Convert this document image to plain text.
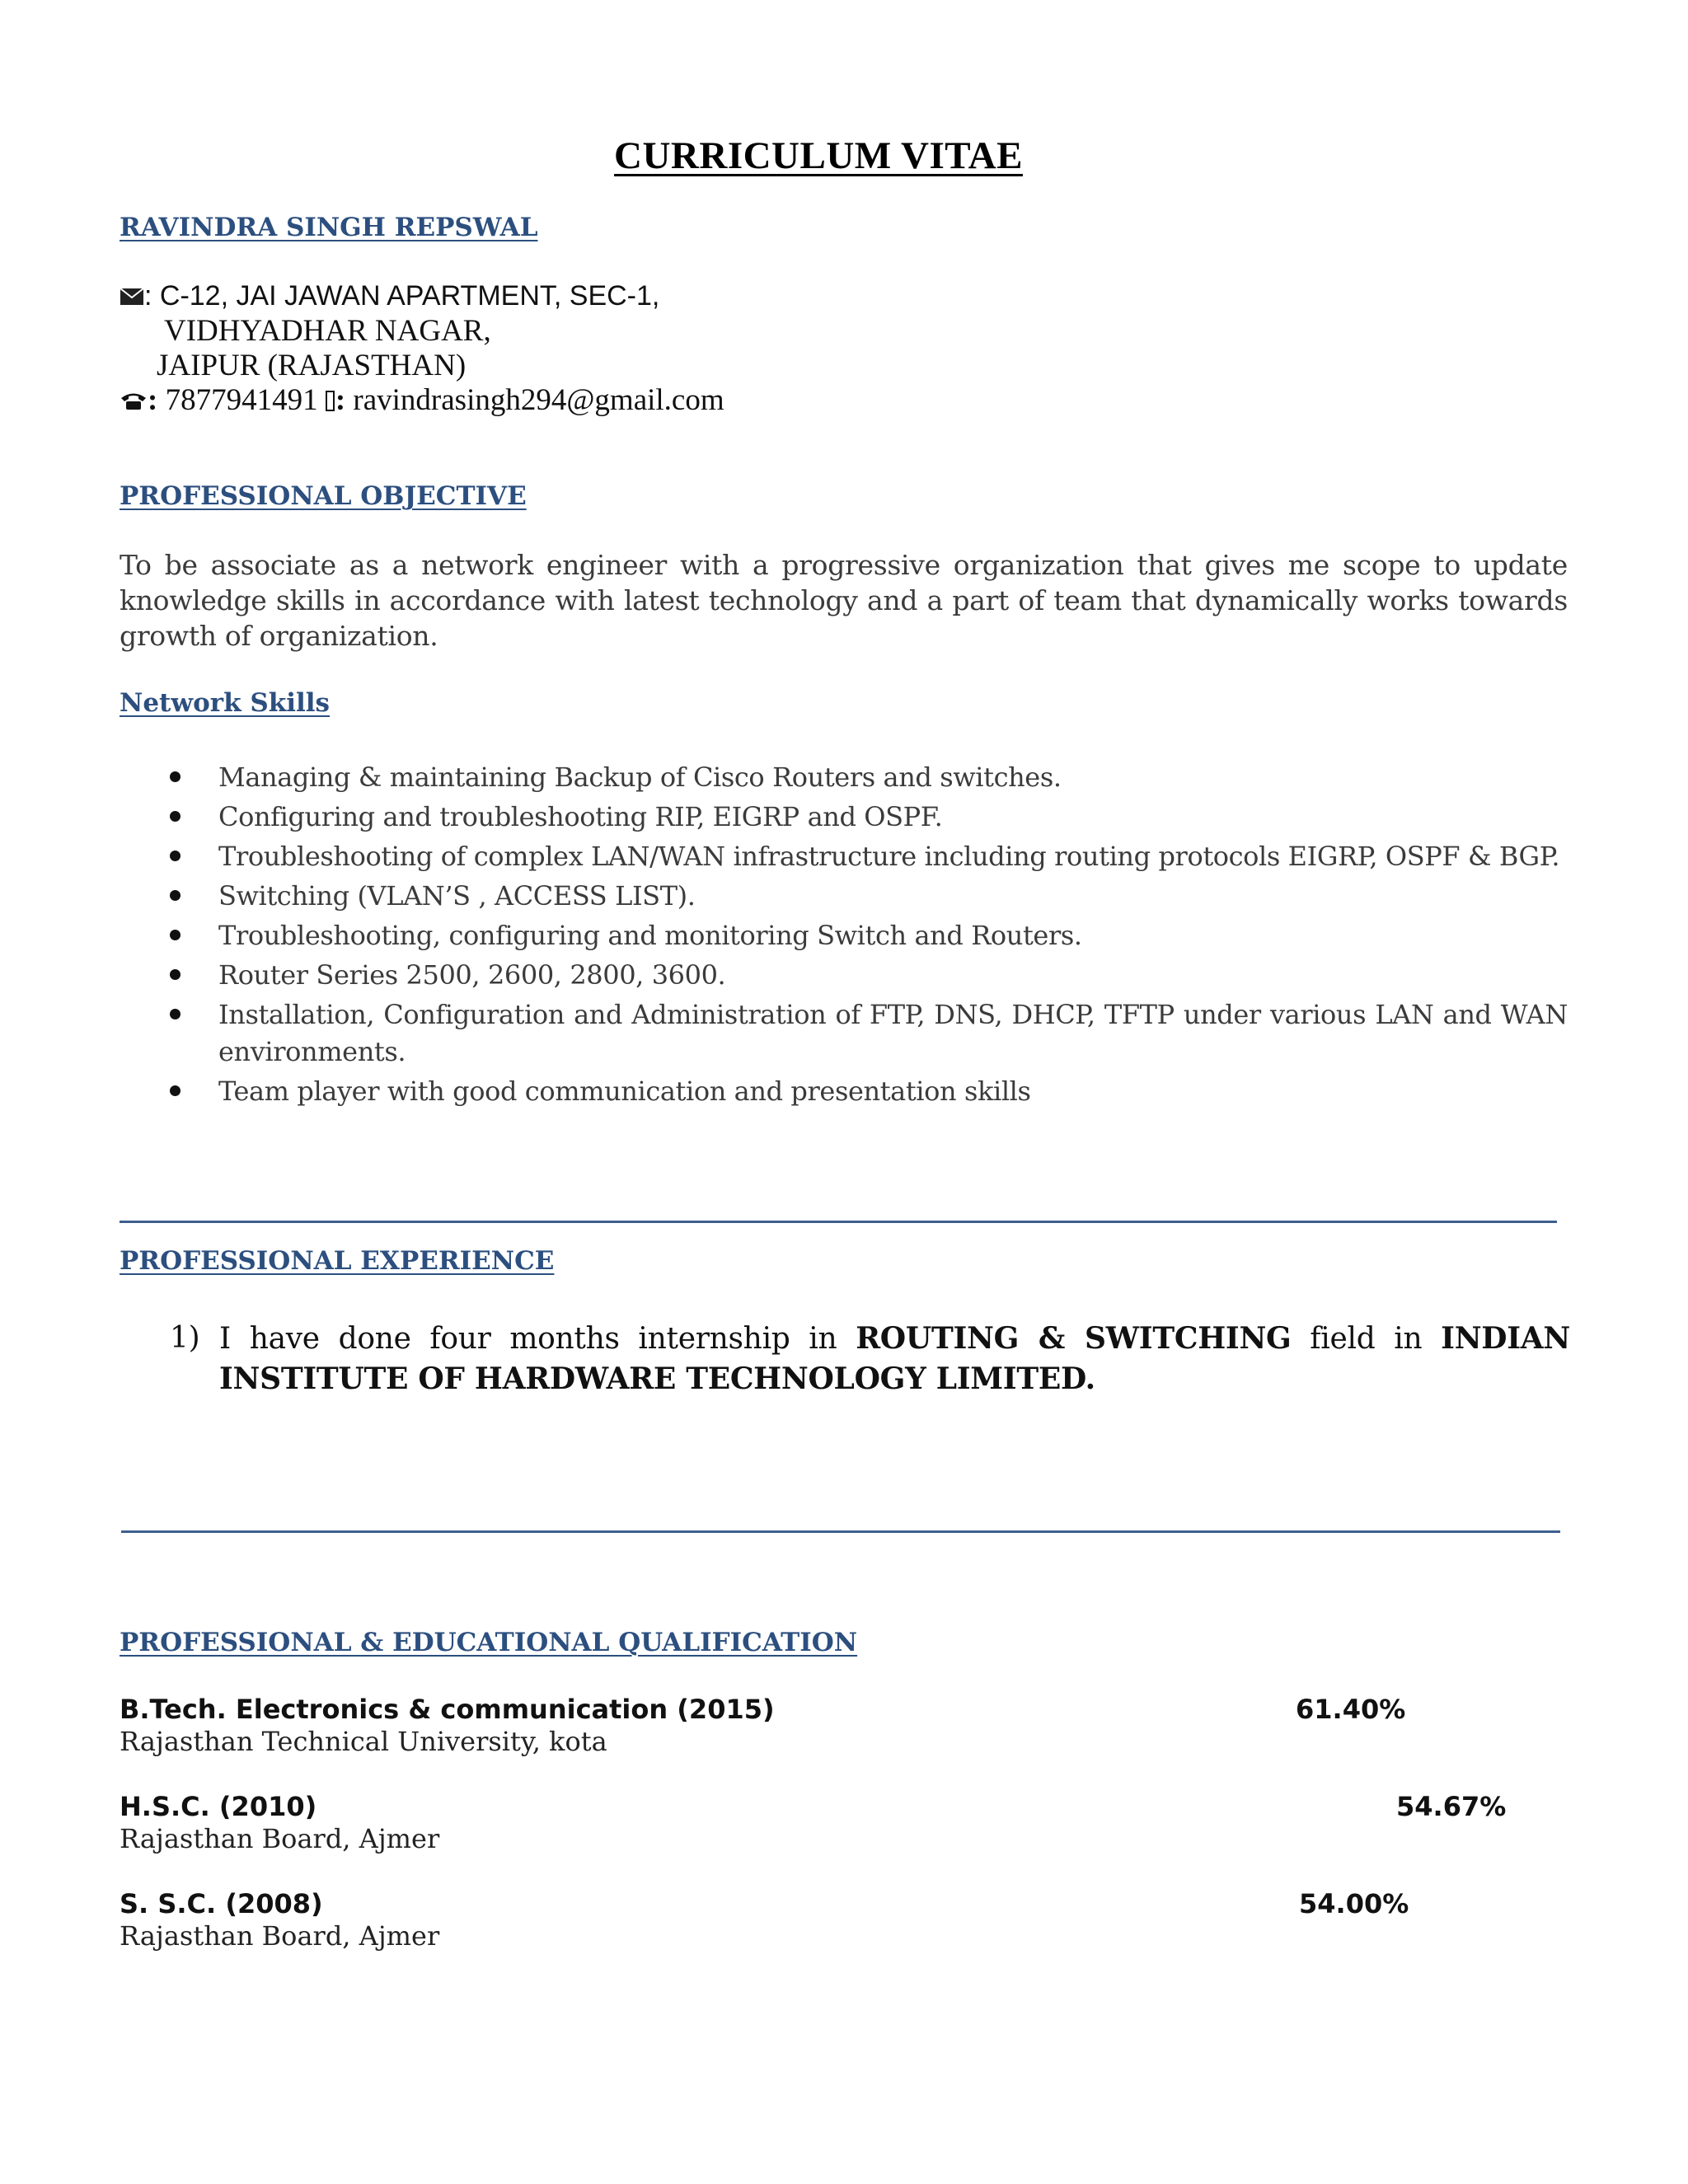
CURRICULUM VITAE
RAVINDRA SINGH REPSWAL
: C-12, JAI JAWAN APARTMENT, SEC-1,
VIDHYADHAR NAGAR,
JAIPUR (RAJASTHAN)
: 7877941491 : ravindrasingh294@gmail.com
PROFESSIONAL OBJECTIVE
To be associate as a network engineer with a progressive organization that gives me scope to update knowledge skills in accordance with latest technology and a part of team that dynamically works towards growth of organization.
Network Skills
Managing & maintaining Backup of Cisco Routers and switches.
Configuring and troubleshooting RIP, EIGRP and OSPF.
Troubleshooting of complex LAN/WAN infrastructure including routing protocols EIGRP, OSPF & BGP.
Switching (VLAN’S , ACCESS LIST).
Troubleshooting, configuring and monitoring Switch and Routers.
Router Series 2500, 2600, 2800, 3600.
Installation, Configuration and Administration of FTP, DNS, DHCP, TFTP under various LAN and WAN environments.
Team player with good communication and presentation skills
PROFESSIONAL EXPERIENCE
1) I have done four months internship in ROUTING & SWITCHING field in INDIAN INSTITUTE OF HARDWARE TECHNOLOGY LIMITED.
PROFESSIONAL & EDUCATIONAL QUALIFICATION
B.Tech. Electronics & communication (2015)	61.40%
Rajasthan Technical University, kota
H.S.C. (2010)	54.67%
Rajasthan Board, Ajmer
S. S.C. (2008)	54.00%
Rajasthan Board, Ajmer
